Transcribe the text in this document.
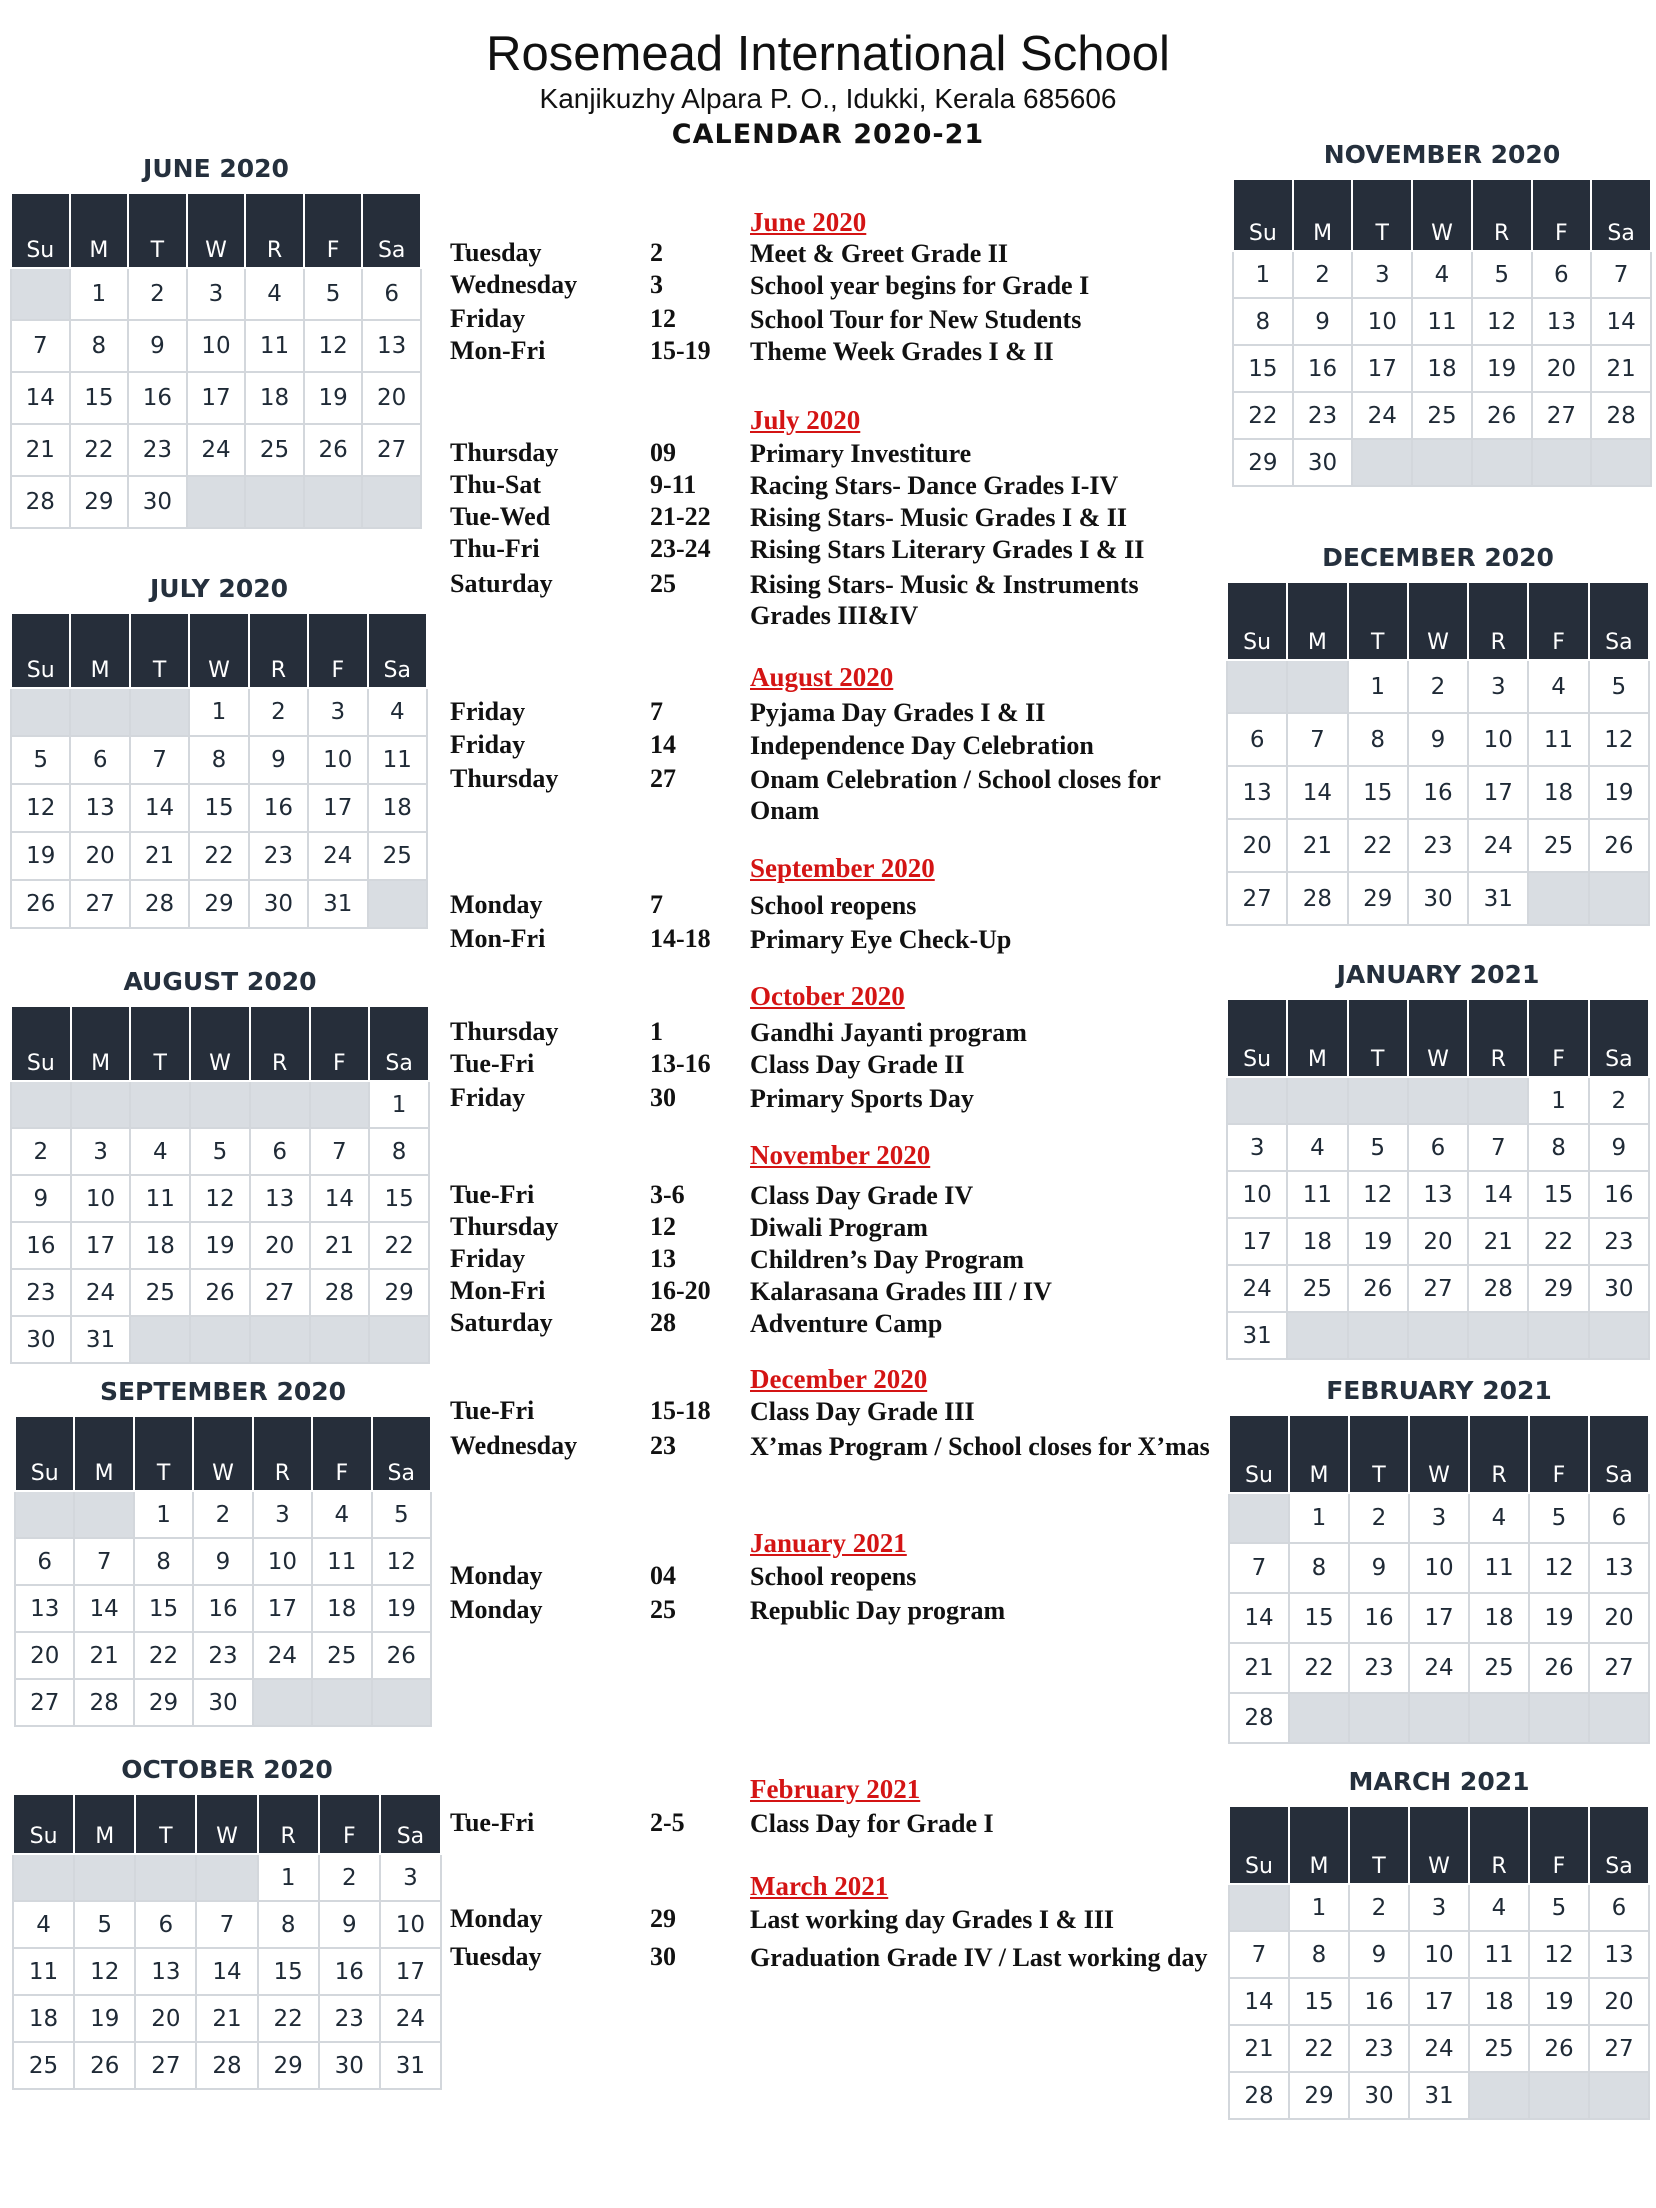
Rosemead International School
Kanjikuzhy Alpara P. O., Idukki, Kerala 685606
CALENDAR 2020-21
JUNE 2020
Su	M	T	W	R	F	Sa
	1	2	3	4	5	6
7	8	9	10	11	12	13
14	15	16	17	18	19	20
21	22	23	24	25	26	27
28	29	30				
JULY 2020
Su	M	T	W	R	F	Sa
			1	2	3	4
5	6	7	8	9	10	11
12	13	14	15	16	17	18
19	20	21	22	23	24	25
26	27	28	29	30	31	
AUGUST 2020
Su	M	T	W	R	F	Sa
						1
2	3	4	5	6	7	8
9	10	11	12	13	14	15
16	17	18	19	20	21	22
23	24	25	26	27	28	29
30	31					
SEPTEMBER 2020
Su	M	T	W	R	F	Sa
		1	2	3	4	5
6	7	8	9	10	11	12
13	14	15	16	17	18	19
20	21	22	23	24	25	26
27	28	29	30			
OCTOBER 2020
Su	M	T	W	R	F	Sa
				1	2	3
4	5	6	7	8	9	10
11	12	13	14	15	16	17
18	19	20	21	22	23	24
25	26	27	28	29	30	31
NOVEMBER 2020
Su	M	T	W	R	F	Sa
1	2	3	4	5	6	7
8	9	10	11	12	13	14
15	16	17	18	19	20	21
22	23	24	25	26	27	28
29	30					
DECEMBER 2020
Su	M	T	W	R	F	Sa
		1	2	3	4	5
6	7	8	9	10	11	12
13	14	15	16	17	18	19
20	21	22	23	24	25	26
27	28	29	30	31		
JANUARY 2021
Su	M	T	W	R	F	Sa
					1	2
3	4	5	6	7	8	9
10	11	12	13	14	15	16
17	18	19	20	21	22	23
24	25	26	27	28	29	30
31						
FEBRUARY 2021
Su	M	T	W	R	F	Sa
	1	2	3	4	5	6
7	8	9	10	11	12	13
14	15	16	17	18	19	20
21	22	23	24	25	26	27
28						
MARCH 2021
Su	M	T	W	R	F	Sa
	1	2	3	4	5	6
7	8	9	10	11	12	13
14	15	16	17	18	19	20
21	22	23	24	25	26	27
28	29	30	31			
June 2020
Tuesday	2	Meet & Greet Grade II
Wednesday	3	School year begins for Grade I
Friday	12	School Tour for New Students
Mon-Fri	15-19 Theme Week Grades I & II
July 2020
Thursday	09	Primary Investiture
Thu-Sat	9-11 Racing Stars- Dance Grades I-IV
Tue-Wed	21-22 Rising Stars- Music Grades I & II
Thu-Fri	23-24 Rising Stars Literary Grades I & II
Saturday	25	Rising Stars- Music & Instruments Grades III&IV
August 2020
Friday	7	Pyjama Day Grades I & II
Friday	14	Independence Day Celebration
Thursday	27	Onam Celebration / School closes for Onam
September 2020
Monday	7	School reopens
Mon-Fri	14-18 Primary Eye Check-Up
October 2020
Thursday	1	Gandhi Jayanti program
Tue-Fri	13-16 Class Day Grade II
Friday	30	Primary Sports Day
November 2020
Tue-Fri	3-6	Class Day Grade IV
Thursday	12	Diwali Program
Friday	13	Children’s Day Program
Mon-Fri	16-20 Kalarasana Grades III / IV
Saturday	28	Adventure Camp
December 2020
Tue-Fri	15-18 Class Day Grade III
Wednesday	23	X’mas Program / School closes for X’mas
January 2021
Monday	04	School reopens
Monday	25	Republic Day program
February 2021
Tue-Fri	2-5	Class Day for Grade I
March 2021
Monday	29	Last working day Grades I & III
Tuesday	30	Graduation Grade IV / Last working day
